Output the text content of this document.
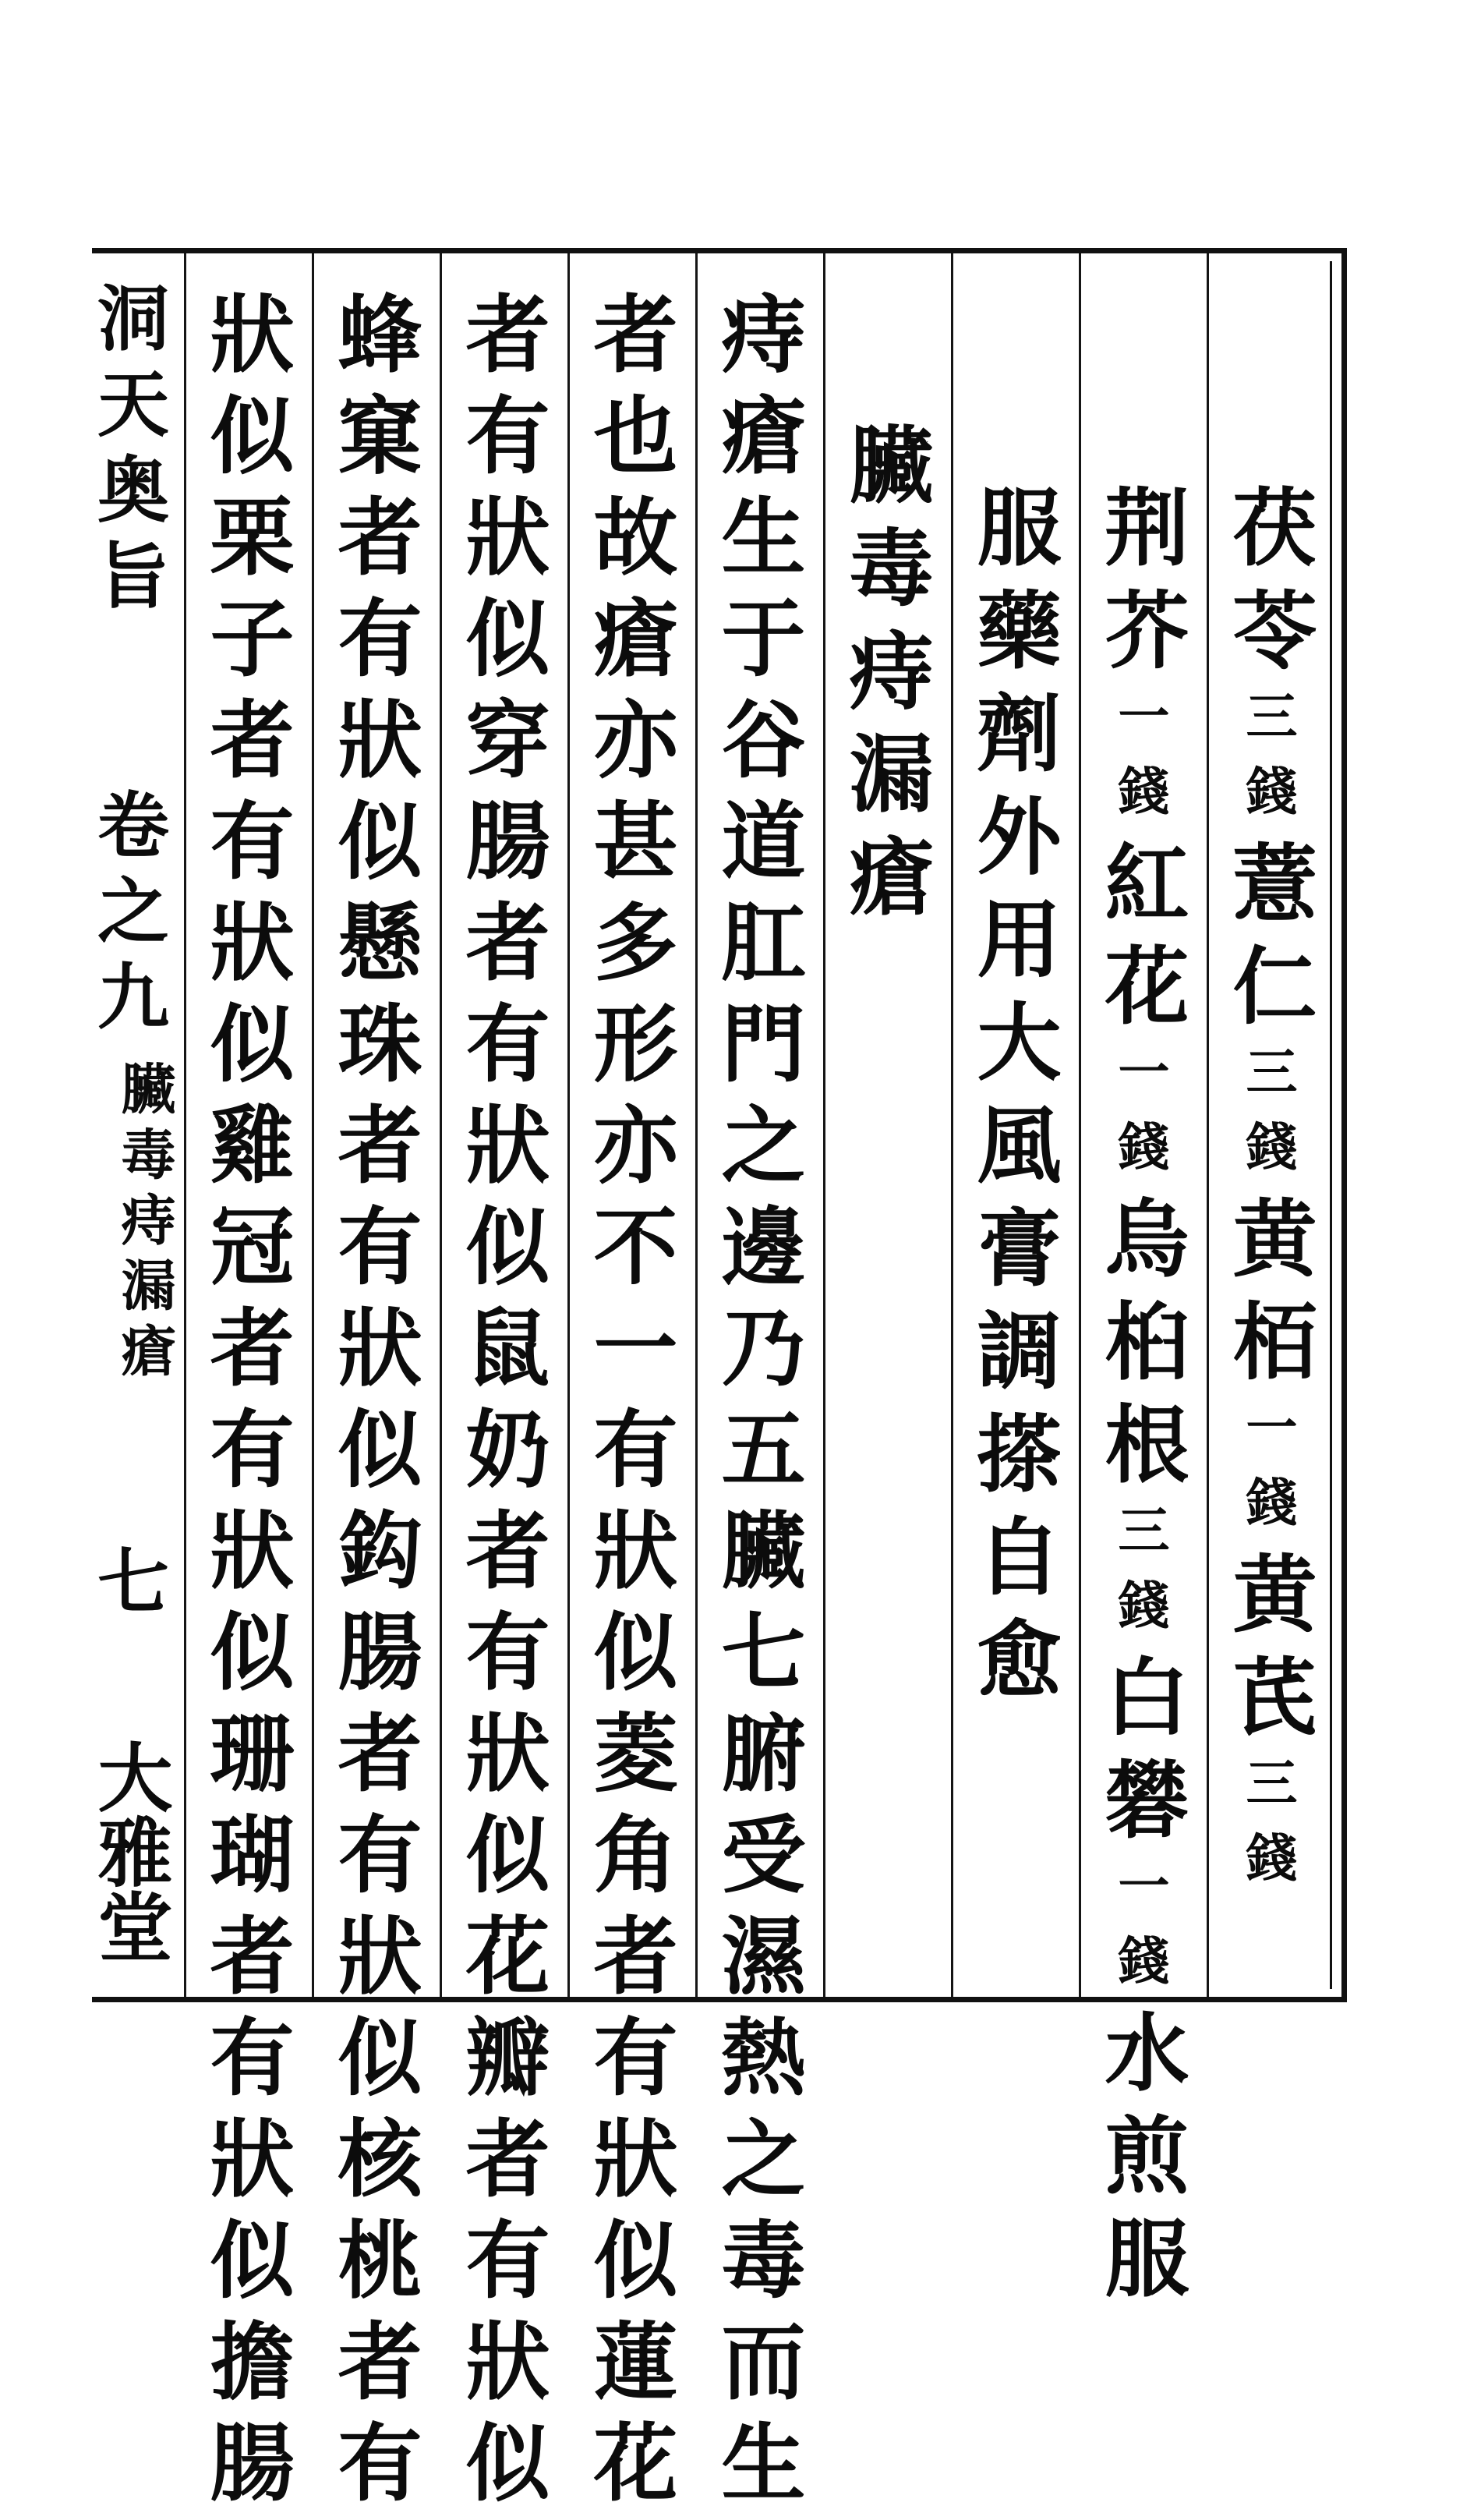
茯苓三錢薏仁三錢黄栢一錢黄芪三錢
荆芥一錢紅花一錢烏桕根三錢白礬一錢水煎服
服藥劑外用大風膏調搽自愈
臟毒痔漏瘡
痔瘡生于谷道肛門之邊乃五臟七腑受濕熱之毒而生
者也故瘡亦甚多形亦不一有狀似菱角者有狀似蓮花
者有狀似穿腸者有狀似鼠奶者有狀似花瓣者有狀似
蜂窠者有狀似懸珠者有狀似鈎腸者有狀似核桃者有
狀似栗子者有狀似雞冠者有狀似珊瑚者有狀似擔腸
洞天奥旨
卷之九
臟毒痔漏瘡
七
大雅堂
